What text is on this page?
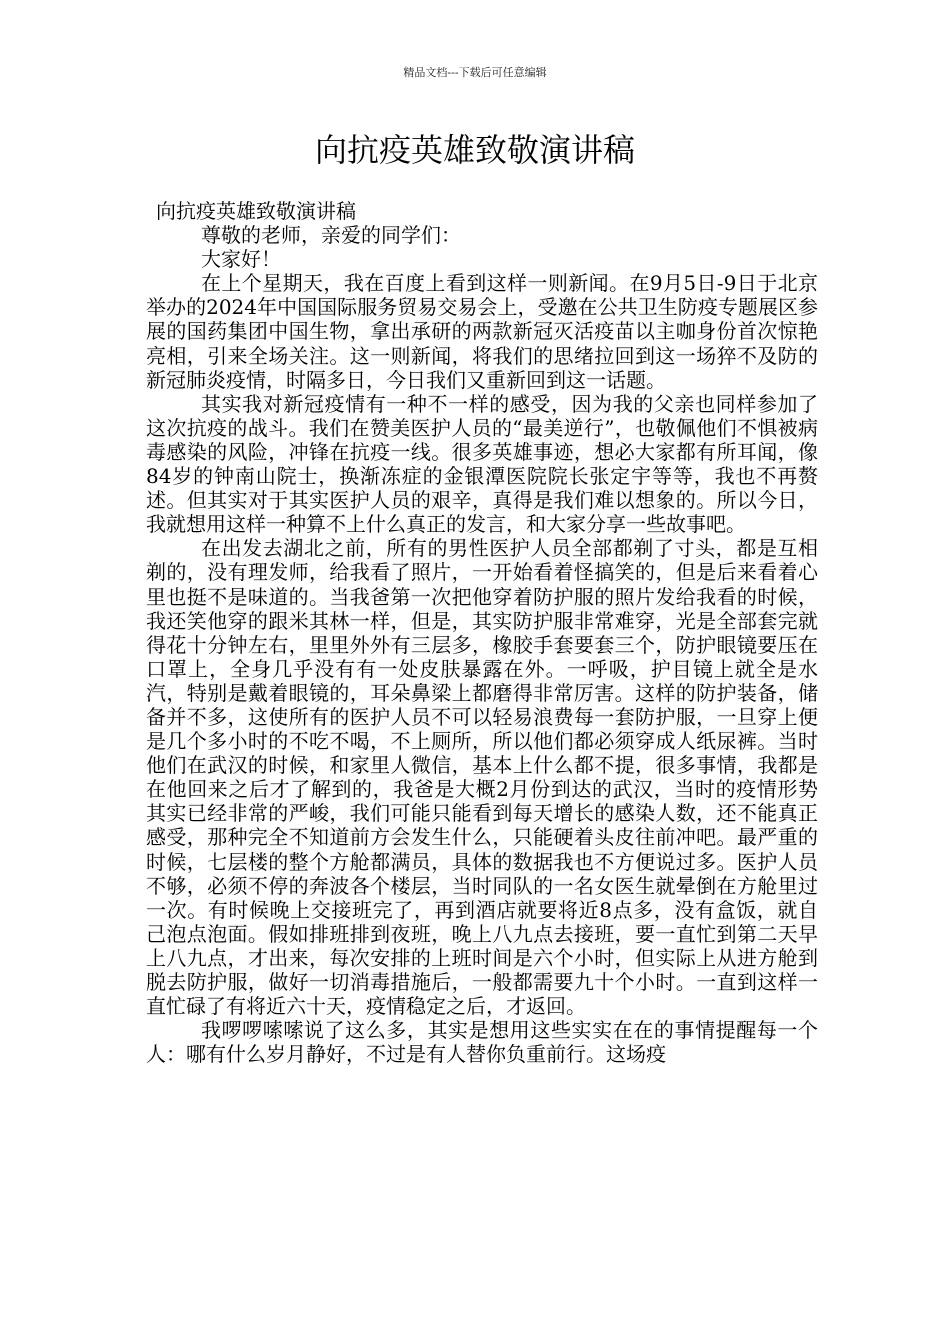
精品文档---下载后可任意编辑
向抗疫英雄致敬演讲稿

向抗疫英雄致敬演讲稿

尊敬的老师，亲爱的同学们：

大家好！

在上个星期天，我在百度上看到这样一则新闻。在9月5日-9日于北京举办的2024年中国国际服务贸易交易会上，受邀在公共卫生防疫专题展区参展的国药集团中国生物，拿出承研的两款新冠灭活疫苗以主咖身份首次惊艳亮相，引来全场关注。这一则新闻，将我们的思绪拉回到这一场猝不及防的新冠肺炎疫情，时隔多日，今日我们又重新回到这一话题。

其实我对新冠疫情有一种不一样的感受，因为我的父亲也同样参加了这次抗疫的战斗。我们在赞美医护人员的“最美逆行”，也敬佩他们不惧被病毒感染的风险，冲锋在抗疫一线。很多英雄事迹，想必大家都有所耳闻，像84岁的钟南山院士，换渐冻症的金银潭医院院长张定宇等等，我也不再赘述。但其实对于其实医护人员的艰辛，真得是我们难以想象的。所以今日，我就想用这样一种算不上什么真正的发言，和大家分享一些故事吧。

在出发去湖北之前，所有的男性医护人员全部都剃了寸头，都是互相剃的，没有理发师，给我看了照片，一开始看着怪搞笑的，但是后来看着心里也挺不是味道的。当我爸第一次把他穿着防护服的照片发给我看的时候，我还笑他穿的跟米其林一样，但是，其实防护服非常难穿，光是全部套完就得花十分钟左右，里里外外有三层多，橡胶手套要套三个，防护眼镜要压在口罩上，全身几乎没有有一处皮肤暴露在外。一呼吸，护目镜上就全是水汽，特别是戴着眼镜的，耳朵鼻梁上都磨得非常厉害。这样的防护装备，储备并不多，这使所有的医护人员不可以轻易浪费每一套防护服，一旦穿上便是几个多小时的不吃不喝，不上厕所，所以他们都必须穿成人纸尿裤。当时他们在武汉的时候，和家里人微信，基本上什么都不提，很多事情，我都是在他回来之后才了解到的，我爸是大概2月份到达的武汉，当时的疫情形势其实已经非常的严峻，我们可能只能看到每天增长的感染人数，还不能真正感受，那种完全不知道前方会发生什么，只能硬着头皮往前冲吧。最严重的时候，七层楼的整个方舱都满员，具体的数据我也不方便说过多。医护人员不够，必须不停的奔波各个楼层，当时同队的一名女医生就晕倒在方舱里过一次。有时候晚上交接班完了，再到酒店就要将近8点多，没有盒饭，就自己泡点泡面。假如排班排到夜班，晚上八九点去接班，要一直忙到第二天早上八九点，才出来，每次安排的上班时间是六个小时，但实际上从进方舱到脱去防护服，做好一切消毒措施后，一般都需要九十个小时。一直到这样一直忙碌了有将近六十天，疫情稳定之后，才返回。

我啰啰嗦嗦说了这么多，其实是想用这些实实在在的事情提醒每一个人：哪有什么岁月静好，不过是有人替你负重前行。这场疫
